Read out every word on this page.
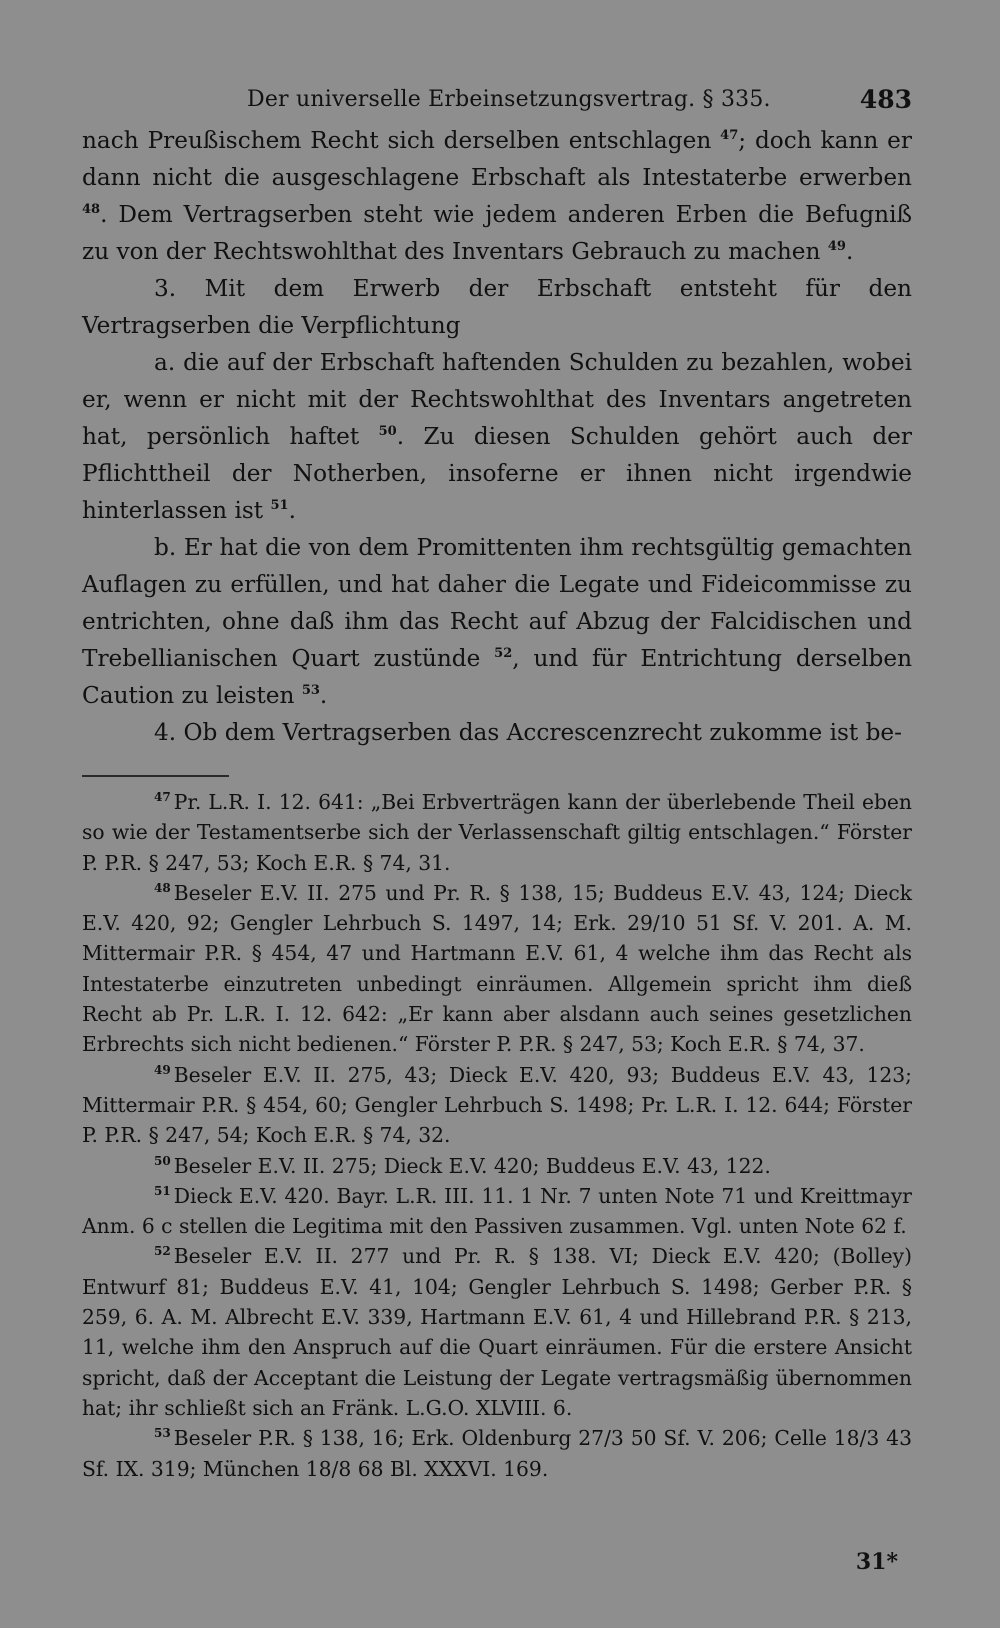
Der universelle Erbeinsetzungsvertrag. § 335.	483

nach Preußischem Recht sich derselben entschlagen $^{47}$; doch kann er dann nicht die ausgeschlagene Erbschaft als Intestaterbe erwerben $^{48}$. Dem Vertragserben steht wie jedem anderen Erben die Befugniß zu von der Rechtswohlthat des Inventars Gebrauch zu machen $^{49}$.

3. Mit dem Erwerb der Erbschaft entsteht für den Vertragserben die Verpflichtung

a. die auf der Erbschaft haftenden Schulden zu bezahlen, wobei er, wenn er nicht mit der Rechtswohlthat des Inventars angetreten hat, persönlich haftet $^{50}$. Zu diesen Schulden gehört auch der Pflichttheil der Notherben, insoferne er ihnen nicht irgendwie hinterlassen ist $^{51}$.

b. Er hat die von dem Promittenten ihm rechtsgültig gemachten Auflagen zu erfüllen, und hat daher die Legate und Fideicommisse zu entrichten, ohne daß ihm das Recht auf Abzug der Falcidischen und Trebellianischen Quart zustünde $^{52}$, und für Entrichtung derselben Caution zu leisten $^{53}$.

4. Ob dem Vertragserben das Accrescenzrecht zukomme ist be-

$^{47}$ Pr. L.R. I. 12. 641: „Bei Erbverträgen kann der überlebende Theil eben so wie der Testamentserbe sich der Verlassenschaft giltig entschlagen.“ Förster P. P.R. § 247, 53; Koch E.R. § 74, 31.

$^{48}$ Beseler E.V. II. 275 und Pr. R. § 138, 15; Buddeus E.V. 43, 124; Dieck E.V. 420, 92; Gengler Lehrbuch S. 1497, 14; Erk. 29/10 51 Sf. V. 201. A. M. Mittermair P.R. § 454, 47 und Hartmann E.V. 61, 4 welche ihm das Recht als Intestaterbe einzutreten unbedingt einräumen. Allgemein spricht ihm dieß Recht ab Pr. L.R. I. 12. 642: „Er kann aber alsdann auch seines gesetzlichen Erbrechts sich nicht bedienen.“ Förster P. P.R. § 247, 53; Koch E.R. § 74, 37.

$^{49}$ Beseler E.V. II. 275, 43; Dieck E.V. 420, 93; Buddeus E.V. 43, 123; Mittermair P.R. § 454, 60; Gengler Lehrbuch S. 1498; Pr. L.R. I. 12. 644; Förster P. P.R. § 247, 54; Koch E.R. § 74, 32.

$^{50}$ Beseler E.V. II. 275; Dieck E.V. 420; Buddeus E.V. 43, 122.

$^{51}$ Dieck E.V. 420. Bayr. L.R. III. 11. 1 Nr. 7 unten Note 71 und Kreittmayr Anm. 6 c stellen die Legitima mit den Passiven zusammen. Vgl. unten Note 62 f.

$^{52}$ Beseler E.V. II. 277 und Pr. R. § 138. VI; Dieck E.V. 420; (Bolley) Entwurf 81; Buddeus E.V. 41, 104; Gengler Lehrbuch S. 1498; Gerber P.R. § 259, 6. A. M. Albrecht E.V. 339, Hartmann E.V. 61, 4 und Hillebrand P.R. § 213, 11, welche ihm den Anspruch auf die Quart einräumen. Für die erstere Ansicht spricht, daß der Acceptant die Leistung der Legate vertragsmäßig übernommen hat; ihr schließt sich an Fränk. L.G.O. XLVIII. 6.

$^{53}$ Beseler P.R. § 138, 16; Erk. Oldenburg 27/3 50 Sf. V. 206; Celle 18/3 43 Sf. IX. 319; München 18/8 68 Bl. XXXVI. 169.

31*
